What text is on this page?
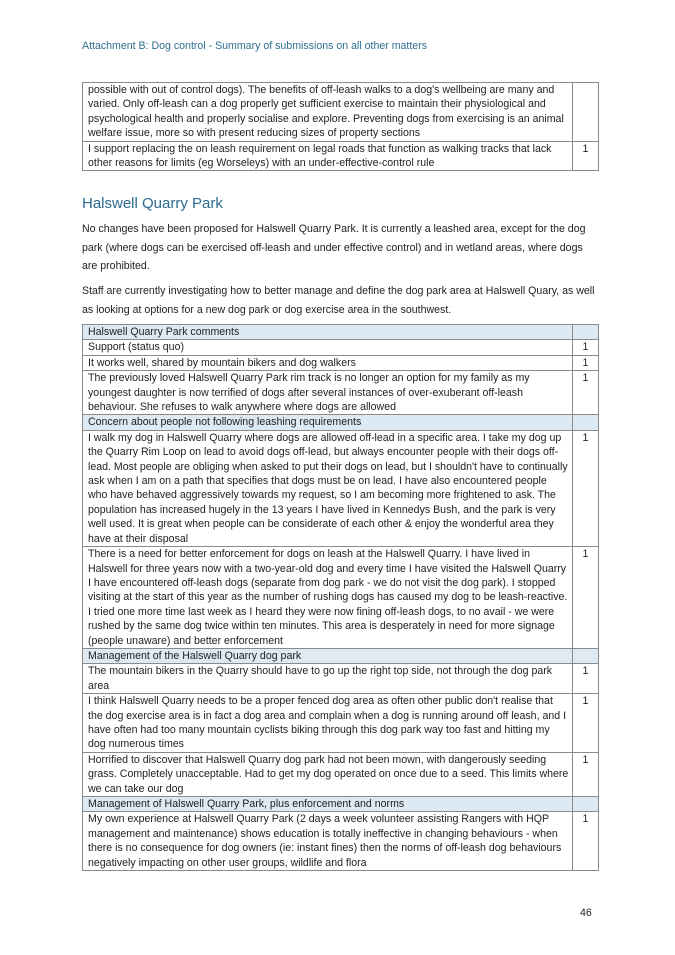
Attachment B: Dog control - Summary of submissions on all other matters
possible with out of control dogs). The benefits of off-leash walks to a dog's wellbeing are many and varied. Only off-leash can a dog properly get sufficient exercise to maintain their physiological and psychological health and properly socialise and explore. Preventing dogs from exercising is an animal welfare issue, more so with present reducing sizes of property sections	
I support replacing the on leash requirement on legal roads that function as walking tracks that lack other reasons for limits (eg Worseleys) with an under-effective-control rule	1
Halswell Quarry Park
No changes have been proposed for Halswell Quarry Park. It is currently a leashed area, except for the dog park (where dogs can be exercised off-leash and under effective control) and in wetland areas, where dogs are prohibited.
Staff are currently investigating how to better manage and define the dog park area at Halswell Quary, as well as looking at options for a new dog park or dog exercise area in the southwest.
Halswell Quarry Park comments	
Support (status quo)	1
It works well, shared by mountain bikers and dog walkers	1
The previously loved Halswell Quarry Park rim track is no longer an option for my family as my youngest daughter is now terrified of dogs after several instances of over-exuberant off-leash behaviour. She refuses to walk anywhere where dogs are allowed	1
Concern about people not following leashing requirements	
I walk my dog in Halswell Quarry where dogs are allowed off-lead in a specific area. I take my dog up the Quarry Rim Loop on lead to avoid dogs off-lead, but always encounter people with their dogs off-lead. Most people are obliging when asked to put their dogs on lead, but I shouldn't have to continually ask when I am on a path that specifies that dogs must be on lead. I have also encountered people who have behaved aggressively towards my request, so I am becoming more frightened to ask. The population has increased hugely in the 13 years I have lived in Kennedys Bush, and the park is very well used. It is great when people can be considerate of each other & enjoy the wonderful area they have at their disposal	1
There is a need for better enforcement for dogs on leash at the Halswell Quarry. I have lived in Halswell for three years now with a two-year-old dog and every time I have visited the Halswell Quarry I have encountered off-leash dogs (separate from dog park - we do not visit the dog park). I stopped visiting at the start of this year as the number of rushing dogs has caused my dog to be leash-reactive. I tried one more time last week as I heard they were now fining off-leash dogs, to no avail - we were rushed by the same dog twice within ten minutes. This area is desperately in need for more signage (people unaware) and better enforcement	1
Management of the Halswell Quarry dog park	
The mountain bikers in the Quarry should have to go up the right top side, not through the dog park area	1
I think Halswell Quarry needs to be a proper fenced dog area as often other public don't realise that the dog exercise area is in fact a dog area and complain when a dog is running around off leash, and I have often had too many mountain cyclists biking through this dog park way too fast and hitting my dog numerous times	1
Horrified to discover that Halswell Quarry dog park had not been mown, with dangerously seeding grass. Completely unacceptable. Had to get my dog operated on once due to a seed. This limits where we can take our dog	1
Management of Halswell Quarry Park, plus enforcement and norms	
My own experience at Halswell Quarry Park (2 days a week volunteer assisting Rangers with HQP management and maintenance) shows education is totally ineffective in changing behaviours - when there is no consequence for dog owners (ie: instant fines) then the norms of off-leash dog behaviours negatively impacting on other user groups, wildlife and flora	1
46
